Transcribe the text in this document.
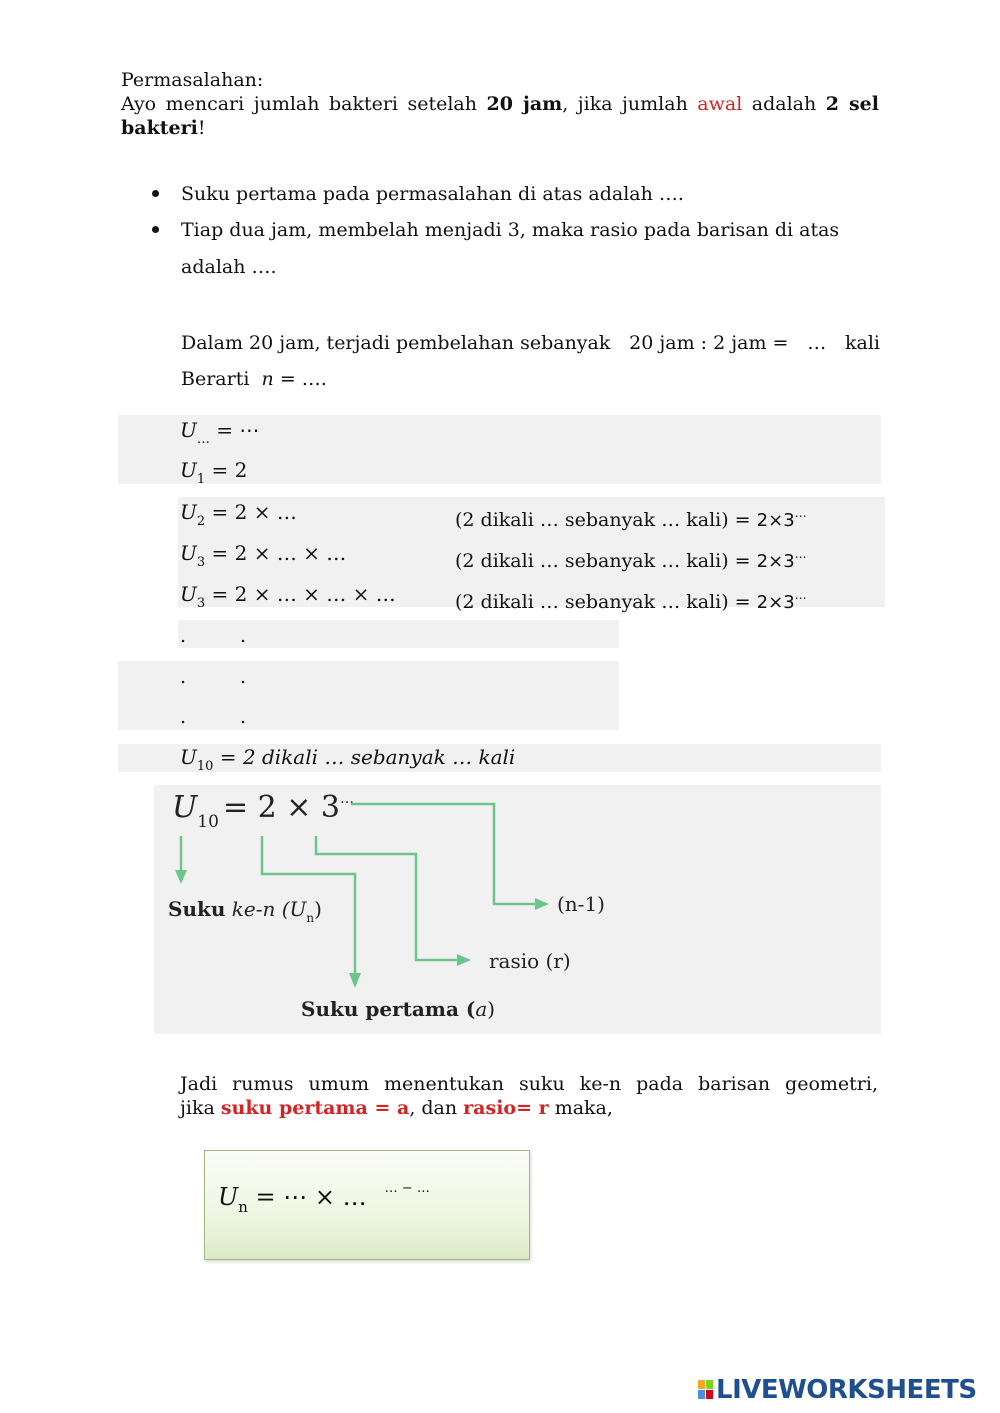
Permasalahan:
Ayo mencari jumlah bakteri setelah 20 jam, jika jumlah awal adalah 2 sel
bakteri!
Suku pertama pada permasalahan di atas adalah ….
Tiap dua jam, membelah menjadi 3, maka rasio pada barisan di atas
adalah ….
Dalam 20 jam, terjadi pembelahan sebanyak 20 jam : 2 jam = … kali
Berarti n = ….
$U_\dots$ = ⋯
$U_1 = 2$
$U_2 = 2$ × …	(2 dikali … sebanyak … kali) = 2×3…
$U_3 = 2$ × … × …	(2 dikali … sebanyak … kali) = 2×3…
$U_3 = 2$ × … × … × …	(2 dikali … sebanyak … kali) = 2×3…
.	.
.	.
.	.
$U_{10} = 2$ dikali … sebanyak … kali
$U_{10} = 2 \times 3^\dots$
Suku ke-n $(U_n)$	(n-1)
rasio (r)
Suku pertama (a)
Jadi rumus umum menentukan suku ke-n pada barisan geometri,
jika suku pertama = a, dan rasio= r maka,
$U_n$ = ⋯ × … … − …
LIVEWORKSHEETS
